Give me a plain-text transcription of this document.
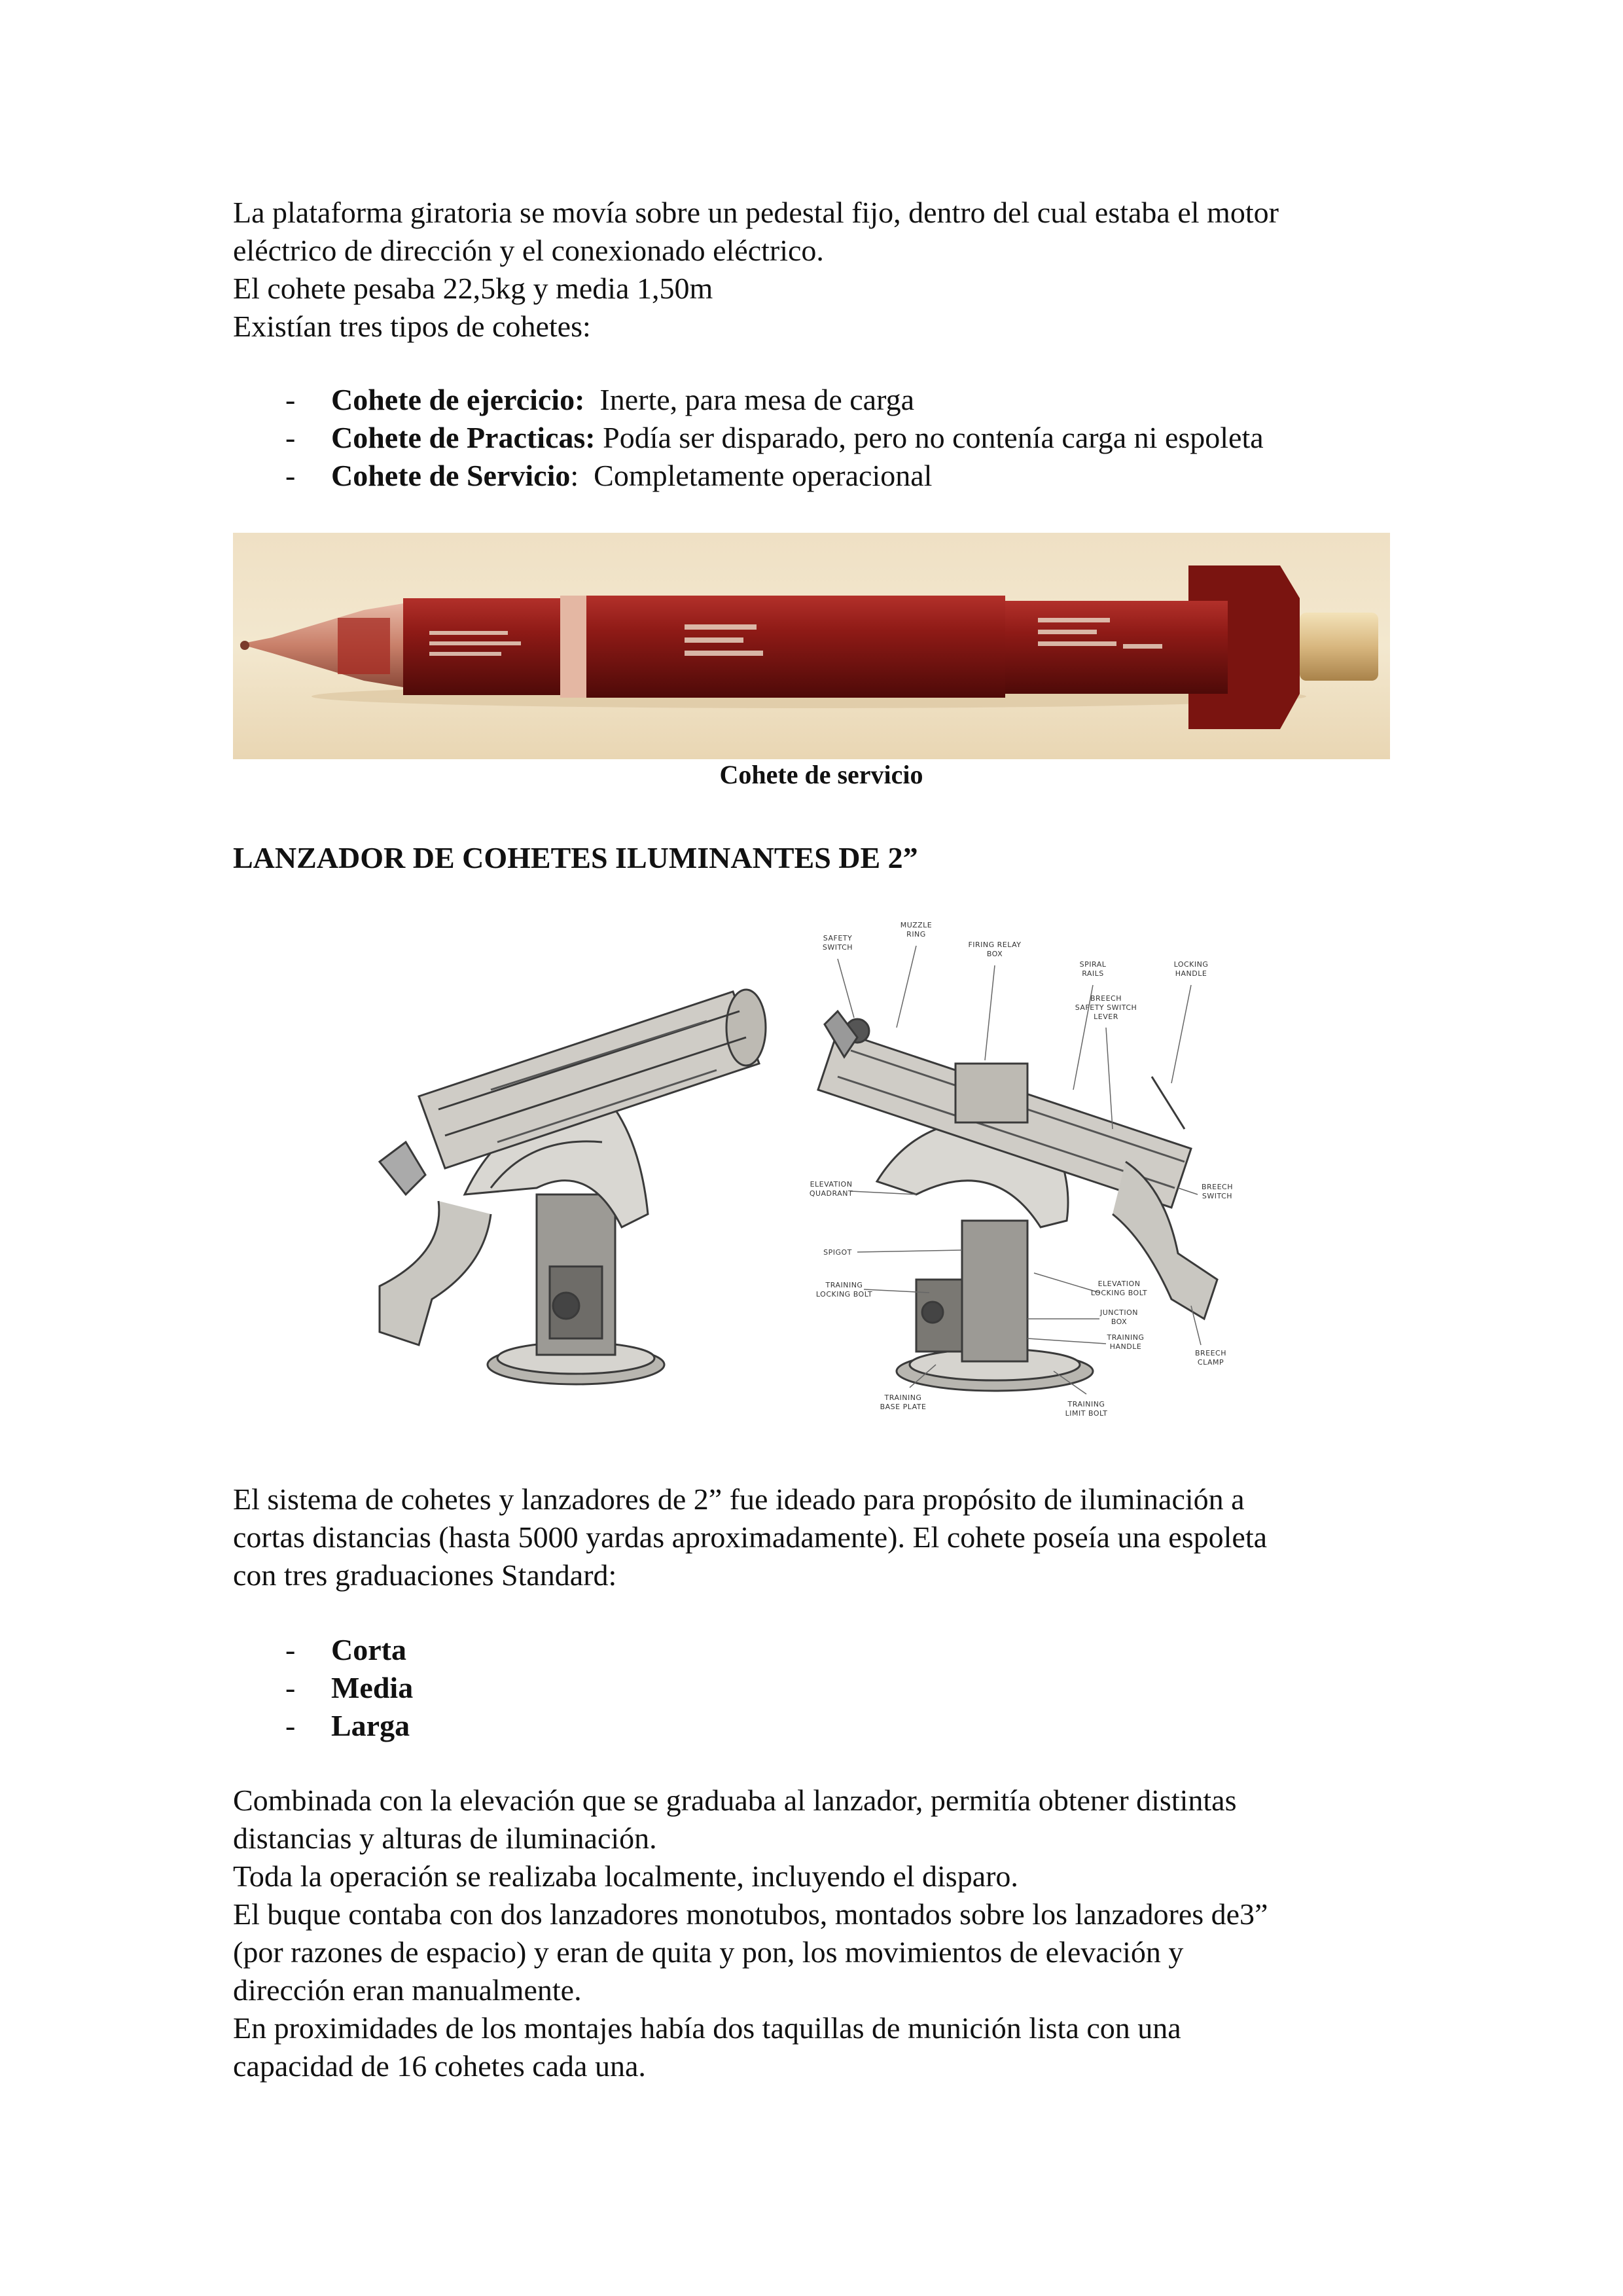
La plataforma giratoria se movía sobre un pedestal fijo, dentro del cual estaba el motor

eléctrico de dirección y el conexionado eléctrico.

El cohete pesaba 22,5kg y media 1,50m

Existían tres tipos de cohetes:

-	Cohete de ejercicio: Inerte, para mesa de carga
-	Cohete de Practicas: Podía ser disparado, pero no contenía carga ni espoleta
-	Cohete de Servicio :  Completamente operacional
Cohete de servicio
LANZADOR DE COHETES ILUMINANTES DE 2”
SAFETY
SWITCH
MUZZLE
RING
FIRING RELAY
BOX
SPIRAL
RAILS
LOCKING
HANDLE
BREECH
SAFETY SWITCH
LEVER
ELEVATION
QUADRANT
BREECH
SWITCH
SPIGOT
TRAINING
LOCKING BOLT
ELEVATION
LOCKING BOLT
JUNCTION
BOX
TRAINING
HANDLE
BREECH
CLAMP
TRAINING
BASE PLATE	TRAINING
LIMIT BOLT

El sistema de cohetes y lanzadores de 2” fue ideado para propósito de iluminación a

cortas distancias (hasta 5000 yardas aproximadamente). El cohete poseía una espoleta

con tres graduaciones Standard:

-	Corta
-	Media
-	Larga

Combinada con la elevación que se graduaba al lanzador, permitía obtener distintas

distancias y alturas de iluminación.

Toda la operación se realizaba localmente, incluyendo el disparo.

El buque contaba con dos lanzadores monotubos, montados sobre los lanzadores de3”

(por razones de espacio) y eran de quita y pon, los movimientos de elevación y

dirección eran manualmente.

En proximidades de los montajes había dos taquillas de munición lista con una

capacidad de 16 cohetes cada una.
